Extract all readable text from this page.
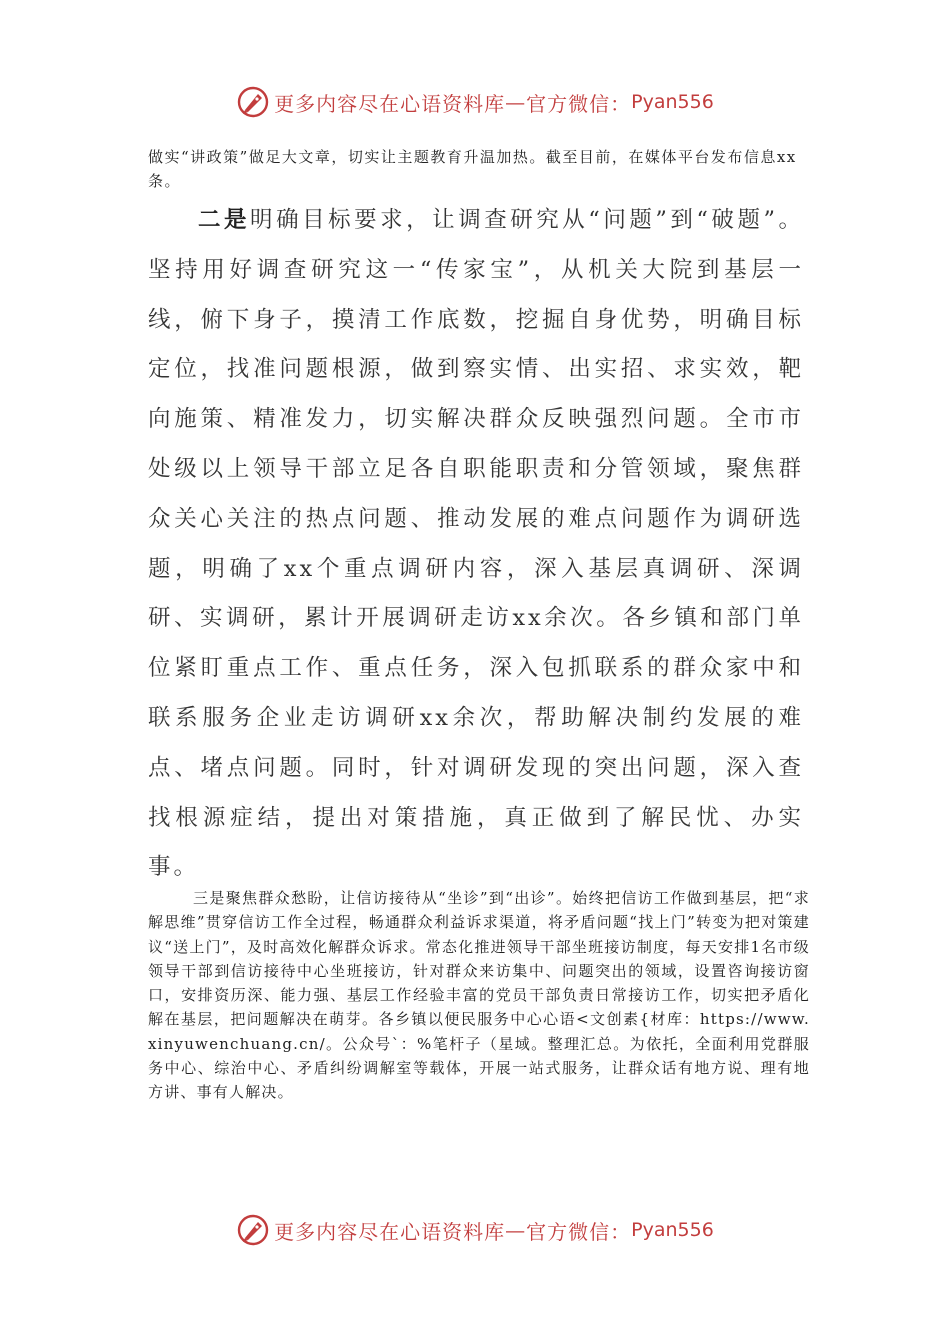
更多内容尽在心语资料库 — 官方微信： Pyan556
做实“讲政策”做足大文章，切实让主题教育升温加热。截至目前，在媒体平台发布信息xx条。
二是明确目标要求，让调查研究从“问题”到“破题”。坚持用好调查研究这一“传家宝”，从机关大院到基层一线，俯下身子，摸清工作底数，挖掘自身优势，明确目标定位，找准问题根源，做到察实情、出实招、求实效，靶向施策、精准发力，切实解决群众反映强烈问题。全市市处级以上领导干部立足各自职能职责和分管领域，聚焦群众关心关注的热点问题、推动发展的难点问题作为调研选题，明确了xx个重点调研内容，深入基层真调研、深调研、实调研，累计开展调研走访xx余次。各乡镇和部门单位紧盯重点工作、重点任务，深入包抓联系的群众家中和联系服务企业走访调研xx余次，帮助解决制约发展的难点、堵点问题。同时，针对调研发现的突出问题，深入查找根源症结，提出对策措施，真正做到了解民忧、办实事。
三是聚焦群众愁盼，让信访接待从“坐诊”到“出诊”。始终把信访工作做到基层，把“求解思维”贯穿信访工作全过程，畅通群众利益诉求渠道，将矛盾问题“找上门”转变为把对策建议“送上门”，及时高效化解群众诉求。常态化推进领导干部坐班接访制度，每天安排1名市级领导干部到信访接待中心坐班接访，针对群众来访集中、问题突出的领域，设置咨询接访窗口，安排资历深、能力强、基层工作经验丰富的党员干部负责日常接访工作，切实把矛盾化解在基层，把问题解决在萌芽。各乡镇以便民服务中心心语<文创素{材库：https://www.xinyuwenchuang.cn/。公众号`：%笔杆子（星域。整理汇总。为依托，全面利用党群服务中心、综治中心、矛盾纠纷调解室等载体，开展一站式服务，让群众话有地方说、理有地方讲、事有人解决。
更多内容尽在心语资料库 — 官方微信： Pyan556
